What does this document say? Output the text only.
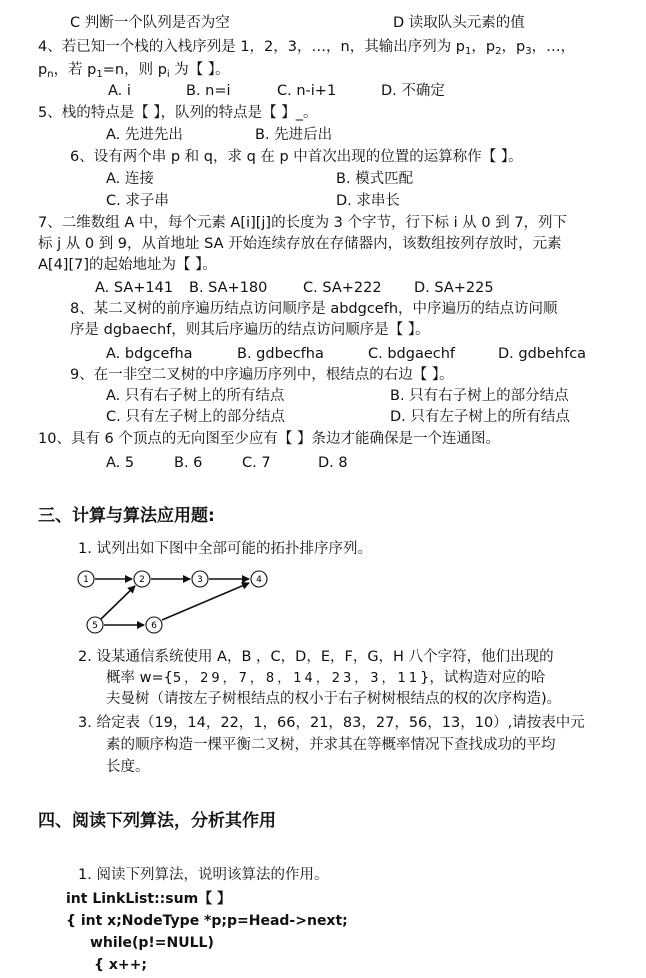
C 判断一个队列是否为空	D 读取队头元素的值
4、若已知一个栈的入栈序列是 1，2，3，…，n，其输出序列为 $p_1$，$p_2$，$p_3$，…，
$p_n$，若 $p_1=n$，则 $p_i$ 为【 】。
A. i	B. n=i	C. n-i+1	D. 不确定
5、栈的特点是【 】，队列的特点是【 】_。
A. 先进先出	B. 先进后出
6、设有两个串 p 和 q，求 q 在 p 中首次出现的位置的运算称作【 】。
A. 连接	B. 模式匹配
C. 求子串	D. 求串长
7、二维数组 A 中，每个元素 A[i][j]的长度为 3 个字节，行下标 i 从 0 到 7，列下
标 j 从 0 到 9，从首地址 SA 开始连续存放在存储器内，该数组按列存放时，元素
A[4][7]的起始地址为【 】。
A. SA+141 B. SA+180 C. SA+222 D. SA+225
8、某二叉树的前序遍历结点访问顺序是 abdgcefh，中序遍历的结点访问顺
序是 dgbaechf，则其后序遍历的结点访问顺序是【 】。
A. bdgcefha	B. gdbecfha	C. bdgaechf	D. gdbehfca
9、在一非空二叉树的中序遍历序列中，根结点的右边【 】。
A. 只有右子树上的所有结点	B. 只有右子树上的部分结点
C. 只有左子树上的部分结点	D. 只有左子树上的所有结点
10、具有 6 个顶点的无向图至少应有【 】条边才能确保是一个连通图。
A. 5	B. 6	C. 7	D. 8
三、计算与算法应用题:
1. 试列出如下图中全部可能的拓扑排序序列。
1	2	3	4
5	6
2. 设某通信系统使用 A，B ，C，D，E，F，G，H 八个字符，他们出现的
概率 w={5，29，7，8，14，23，3，11}，试构造对应的哈
夫曼树（请按左子树根结点的权小于右子树树根结点的权的次序构造)。
3. 给定表（19，14，22，1，66，21，83，27，56，13，10）,请按表中元
素的顺序构造一棵平衡二叉树，并求其在等概率情况下查找成功的平均
长度。
四、阅读下列算法，分析其作用
1. 阅读下列算法，说明该算法的作用。
int LinkList::sum【 】
{ int x;NodeType *p;p=Head->next;
while(p!=NULL)
{ x++;
